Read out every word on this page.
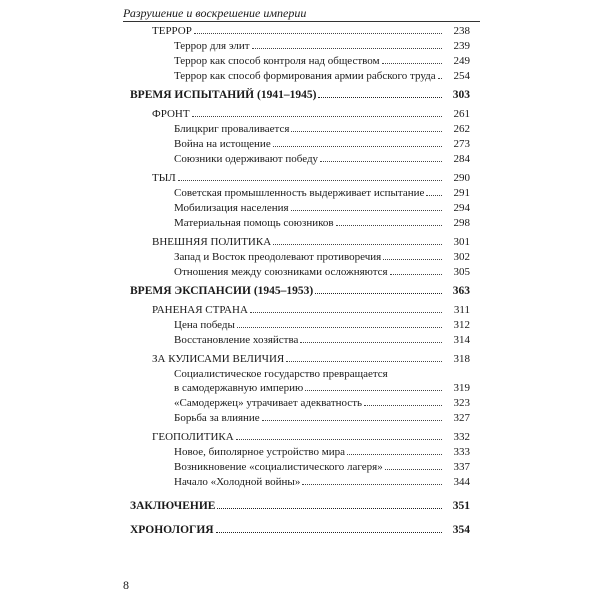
Разрушение и воскрешение империи
ТЕРРОР	238
Террор для элит	239
Террор как способ контроля над обществом	249
Террор как способ формирования армии рабского труда	254
ВРЕМЯ ИСПЫТАНИЙ (1941–1945)	303
ФРОНТ	261
Блицкриг проваливается	262
Война на истощение	273
Союзники одерживают победу	284
ТЫЛ	290
Советская промышленность выдерживает испытание	291
Мобилизация населения	294
Материальная помощь союзников	298
ВНЕШНЯЯ ПОЛИТИКА	301
Запад и Восток преодолевают противоречия	302
Отношения между союзниками осложняются	305
ВРЕМЯ ЭКСПАНСИИ (1945–1953)	363
РАНЕНАЯ СТРАНА	311
Цена победы	312
Восстановление хозяйства	314
ЗА КУЛИСАМИ ВЕЛИЧИЯ	318
Социалистическое государство превращается
в самодержавную империю	319
«Самодержец» утрачивает адекватность	323
Борьба за влияние	327
ГЕОПОЛИТИКА	332
Новое, биполярное устройство мира	333
Возникновение «социалистического лагеря»	337
Начало «Холодной войны»	344
ЗАКЛЮЧЕНИЕ	351
ХРОНОЛОГИЯ	354
8
